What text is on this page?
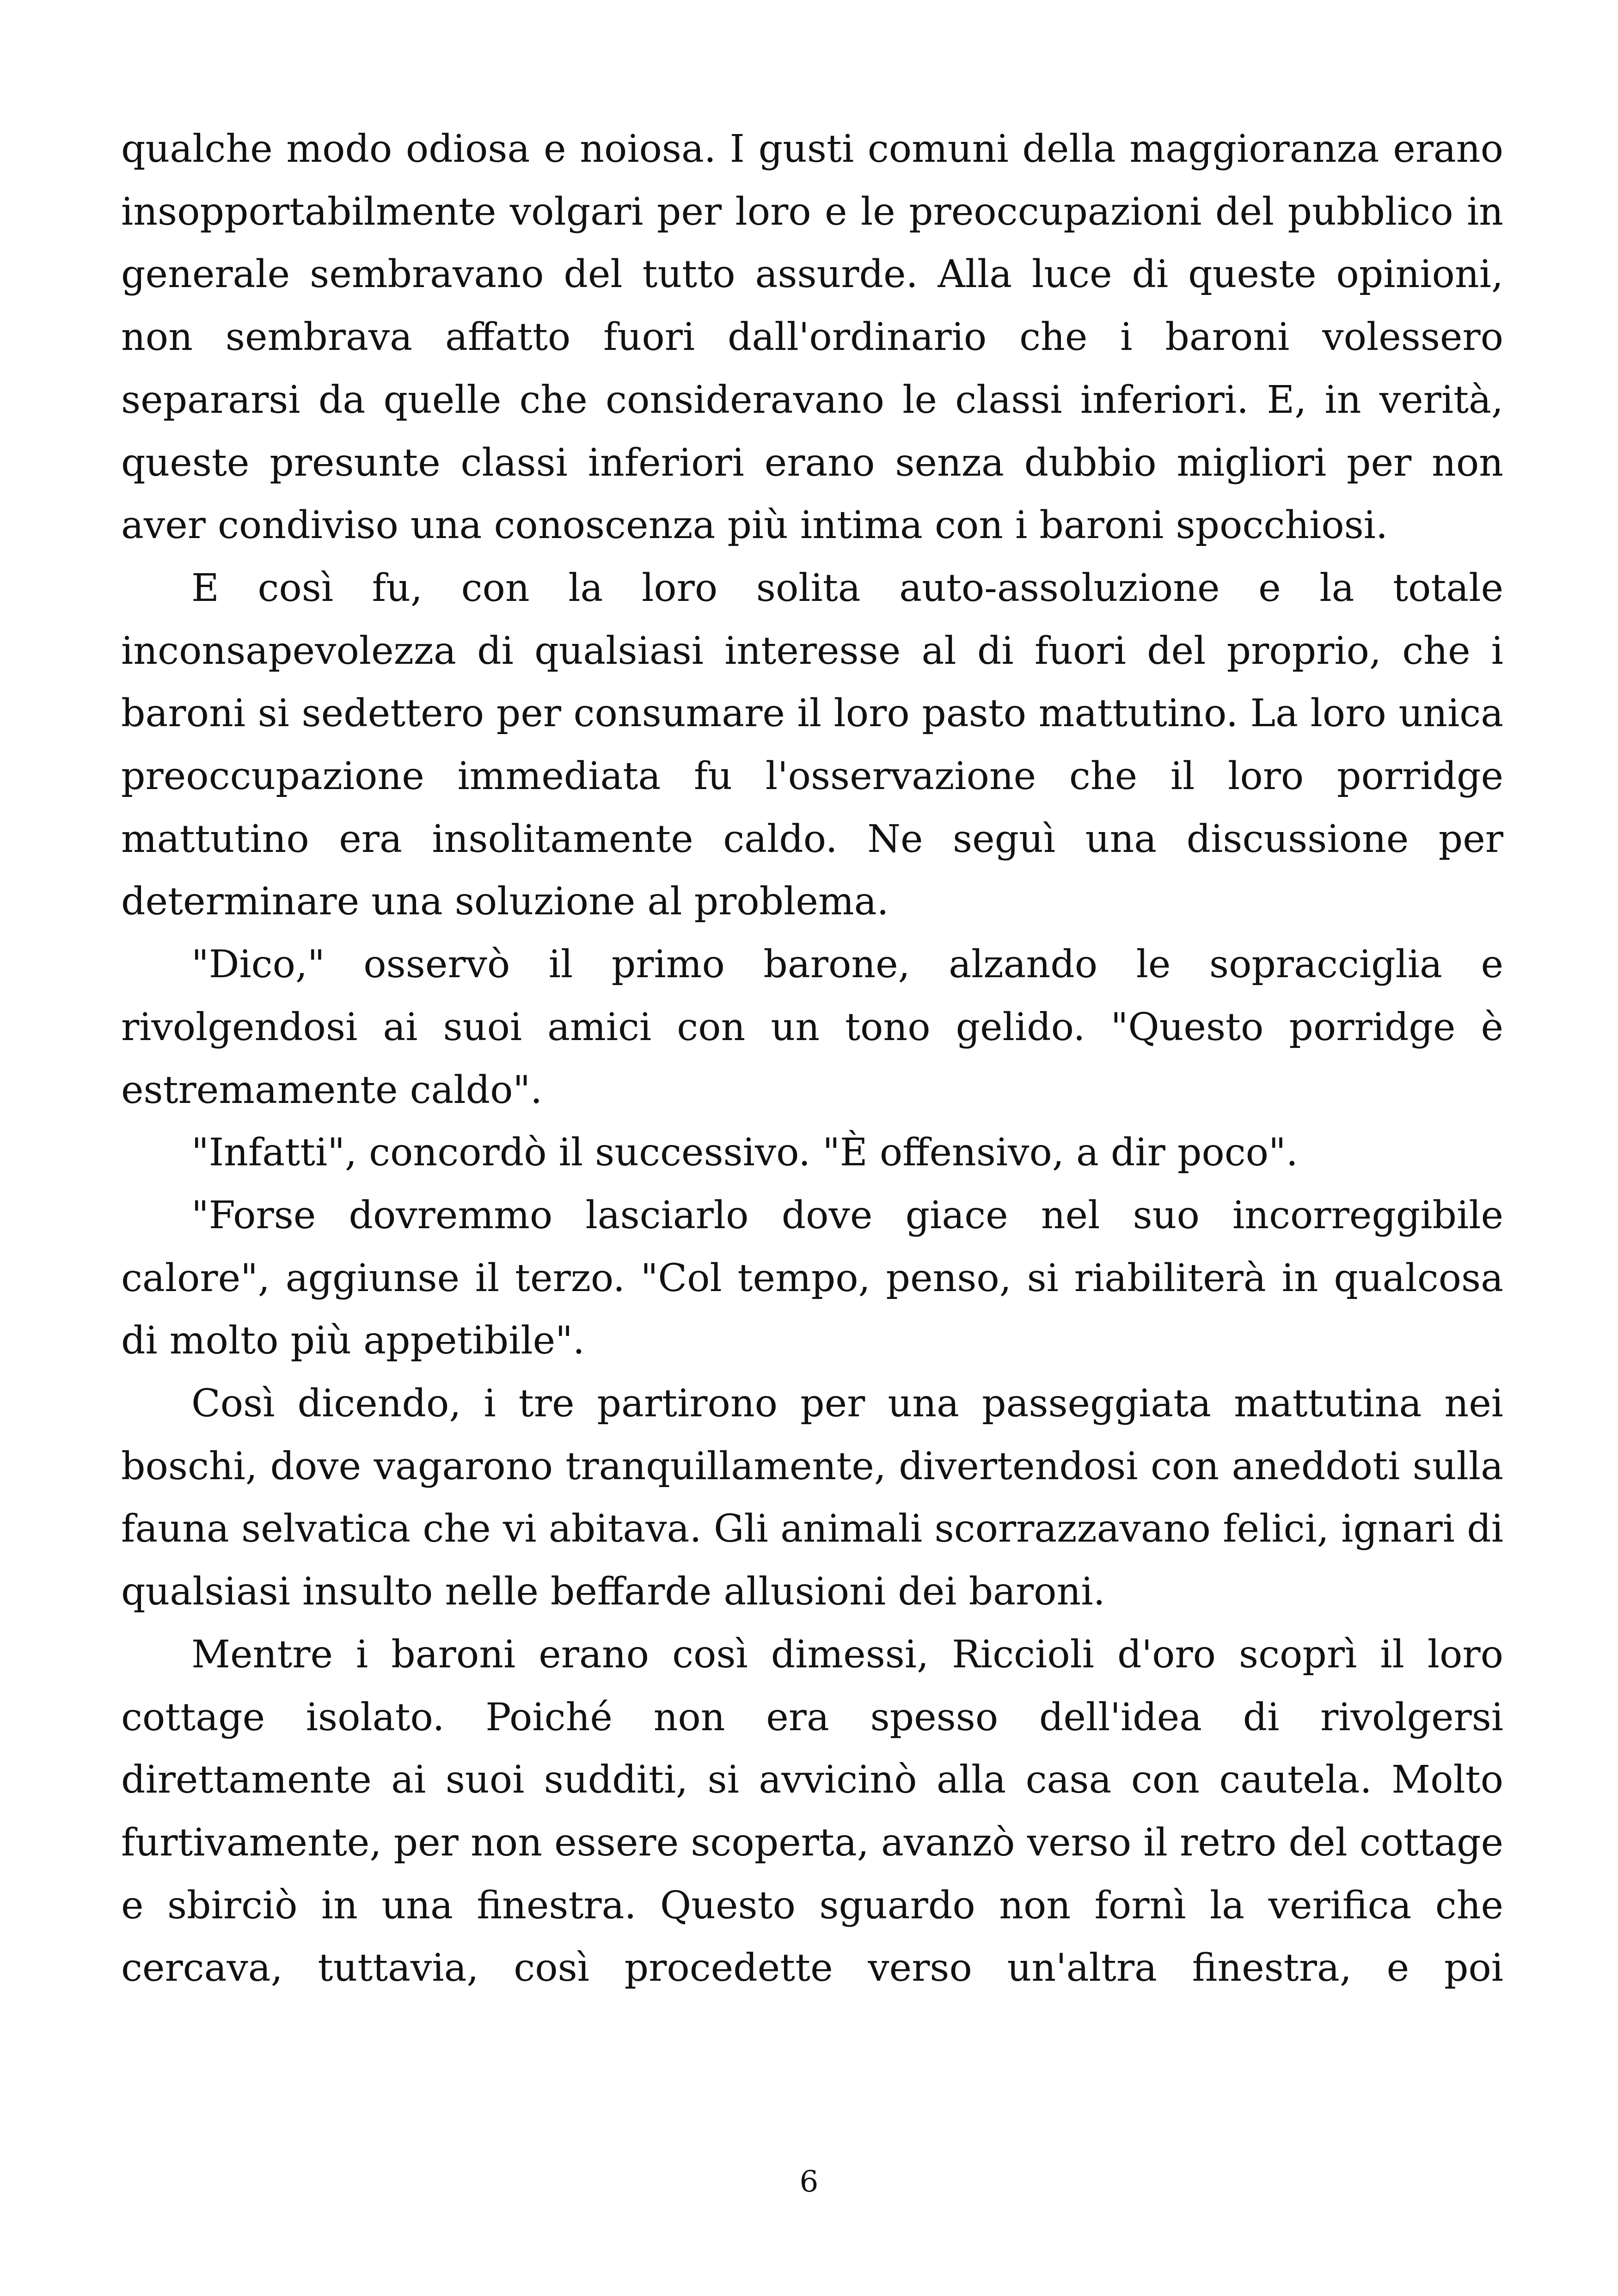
qualche modo odiosa e noiosa. I gusti comuni della maggioranza erano insopportabilmente volgari per loro e le preoccupazioni del pubblico in generale sembravano del tutto assurde. Alla luce di queste opinioni, non sembrava affatto fuori dall'ordinario che i baroni volessero separarsi da quelle che consideravano le classi inferiori. E, in verità, queste presunte classi inferiori erano senza dubbio migliori per non aver condiviso una conoscenza più intima con i baroni spocchiosi.

E così fu, con la loro solita auto-assoluzione e la totale inconsapevolezza di qualsiasi interesse al di fuori del proprio, che i baroni si sedettero per consumare il loro pasto mattutino. La loro unica preoccupazione immediata fu l'osservazione che il loro porridge mattutino era insolitamente caldo. Ne seguì una discussione per determinare una soluzione al problema.

"Dico," osservò il primo barone, alzando le sopracciglia e rivolgendosi ai suoi amici con un tono gelido. "Questo porridge è estremamente caldo".

"Infatti", concordò il successivo. "È offensivo, a dir poco".

"Forse dovremmo lasciarlo dove giace nel suo incorreggibile calore", aggiunse il terzo. "Col tempo, penso, si riabiliterà in qualcosa di molto più appetibile".

Così dicendo, i tre partirono per una passeggiata mattutina nei boschi, dove vagarono tranquillamente, divertendosi con aneddoti sulla fauna selvatica che vi abitava. Gli animali scorrazzavano felici, ignari di qualsiasi insulto nelle beffarde allusioni dei baroni.

Mentre i baroni erano così dimessi, Riccioli d'oro scoprì il loro cottage isolato. Poiché non era spesso dell'idea di rivolgersi direttamente ai suoi sudditi, si avvicinò alla casa con cautela. Molto furtivamente, per non essere scoperta, avanzò verso il retro del cottage e sbirciò in una finestra. Questo sguardo non fornì la verifica che cercava, tuttavia, così procedette verso un'altra finestra, e poi

6
